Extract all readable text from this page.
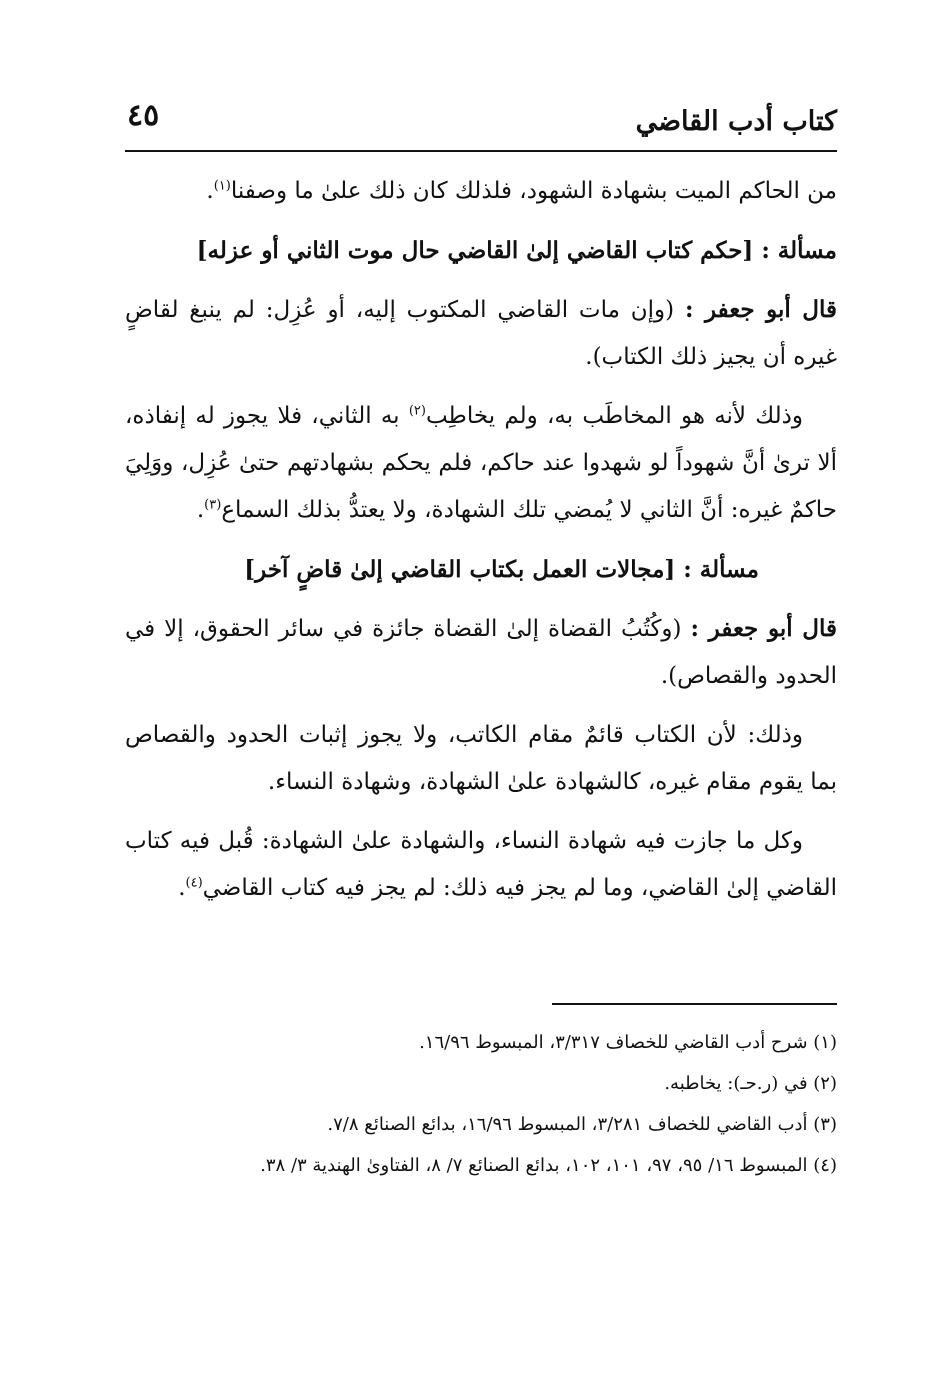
كتاب أدب القاضي
٤٥

من الحاكم الميت بشهادة الشهود، فلذلك كان ذلك علىٰ ما وصفنا$^{(١)}$.

مسألة : [حكم كتاب القاضي إلىٰ القاضي حال موت الثاني أو عزله]

قال أبو جعفر : (وإن مات القاضي المكتوب إليه، أو عُزِل: لم ينبغ لقاضٍ غيره أن يجيز ذلك الكتاب).

وذلك لأنه هو المخاطَب به، ولم يخاطِب$^{(٢)}$ به الثاني، فلا يجوز له إنفاذه، ألا ترىٰ أنَّ شهوداً لو شهدوا عند حاكم، فلم يحكم بشهادتهم حتىٰ عُزِل، ووَلِيَ حاكمٌ غيره: أنَّ الثاني لا يُمضي تلك الشهادة، ولا يعتدُّ بذلك السماع$^{(٣)}$.

مسألة : [مجالات العمل بكتاب القاضي إلىٰ قاضٍ آخر]

قال أبو جعفر : (وكُتُبُ القضاة إلىٰ القضاة جائزة في سائر الحقوق، إلا في الحدود والقصاص).

وذلك: لأن الكتاب قائمٌ مقام الكاتب، ولا يجوز إثبات الحدود والقصاص بما يقوم مقام غيره، كالشهادة علىٰ الشهادة، وشهادة النساء.

وكل ما جازت فيه شهادة النساء، والشهادة علىٰ الشهادة: قُبل فيه كتاب القاضي إلىٰ القاضي، وما لم يجز فيه ذلك: لم يجز فيه كتاب القاضي$^{(٤)}$.

(١) شرح أدب القاضي للخصاف ٣/٣١٧، المبسوط ١٦/٩٦.

(٢) في (ر.حـ): يخاطبه.

(٣) أدب القاضي للخصاف ٣/٢٨١، المبسوط ١٦/٩٦، بدائع الصنائع ٧/٨.

(٤) المبسوط ١٦/ ٩٥، ٩٧، ١٠١، ١٠٢، بدائع الصنائع ٧/ ٨، الفتاوىٰ الهندية ٣/ ٣٨.
